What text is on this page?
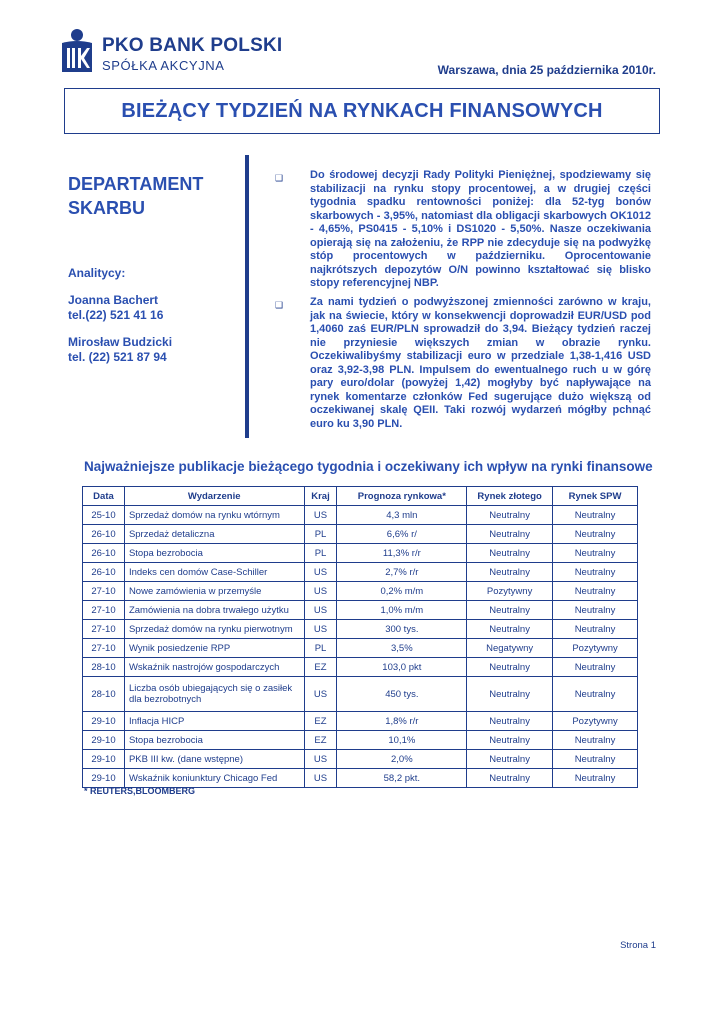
PKO BANK POLSKI
SPÓŁKA AKCYJNA	Warszawa, dnia 25 października 2010r.
BIEŻĄCY TYDZIEŃ NA RYNKACH FINANSOWYCH
DEPARTAMENT SKARBU
Analitycy:
Joanna Bachert
tel.(22) 521 41 16
Mirosław Budzicki
tel. (22) 521 87 94
❑ Do środowej decyzji Rady Polityki Pieniężnej, spodziewamy się stabilizacji na rynku stopy procentowej, a w drugiej części tygodnia spadku rentowności poniżej: dla 52-tyg bonów skarbowych - 3,95%, natomiast dla obligacji skarbowych OK1012 - 4,65%, PS0415 - 5,10% i DS1020 - 5,50%. Nasze oczekiwania opierają się na założeniu, że RPP nie zdecyduje się na podwyżkę stóp procentowych w październiku. Oprocentowanie najkrótszych depozytów O/N powinno kształtować się blisko stopy referencyjnej NBP.
❑ Za nami tydzień o podwyższonej zmienności zarówno w kraju, jak na świecie, który w konsekwencji doprowadził EUR/USD pod 1,4060 zaś EUR/PLN sprowadził do 3,94. Bieżący tydzień raczej nie przyniesie większych zmian w obrazie rynku. Oczekiwalibyśmy stabilizacji euro w przedziale 1,38-1,416 USD oraz 3,92-3,98 PLN. Impulsem do ewentualnego ruch u w górę pary euro/dolar (powyżej 1,42) mogłyby być napływające na rynek komentarze członków Fed sugerujące dużo większą od oczekiwanej skalę QEII. Taki rozwój wydarzeń mógłby pchnąć euro ku 3,90 PLN.
Najważniejsze publikacje bieżącego tygodnia i oczekiwany ich wpływ na rynki finansowe
Data	Wydarzenie	Kraj	Prognoza rynkowa*	Rynek złotego	Rynek SPW
25-10	Sprzedaż domów na rynku wtórnym	US	4,3 mln	Neutralny	Neutralny
26-10	Sprzedaż detaliczna	PL	6,6% r/	Neutralny	Neutralny
26-10	Stopa bezrobocia	PL	11,3% r/r	Neutralny	Neutralny
26-10	Indeks cen domów Case-Schiller	US	2,7% r/r	Neutralny	Neutralny
27-10	Nowe zamówienia w przemyśle	US	0,2% m/m	Pozytywny	Neutralny
27-10	Zamówienia na dobra trwałego użytku	US	1,0% m/m	Neutralny	Neutralny
27-10	Sprzedaż domów na rynku pierwotnym	US	300 tys.	Neutralny	Neutralny
27-10	Wynik posiedzenie RPP	PL	3,5%	Negatywny	Pozytywny
28-10	Wskaźnik nastrojów gospodarczych	EZ	103,0 pkt	Neutralny	Neutralny
28-10	Liczba osób ubiegających się o zasiłek dla bezrobotnych	US	450 tys.	Neutralny	Neutralny
29-10	Inflacja HICP	EZ	1,8% r/r	Neutralny	Pozytywny
29-10	Stopa bezrobocia	EZ	10,1%	Neutralny	Neutralny
29-10	PKB III kw. (dane wstępne)	US	2,0%	Neutralny	Neutralny
29-10	Wskaźnik koniunktury Chicago Fed	US	58,2 pkt.	Neutralny	Neutralny
* REUTERS,BLOOMBERG
Strona 1
